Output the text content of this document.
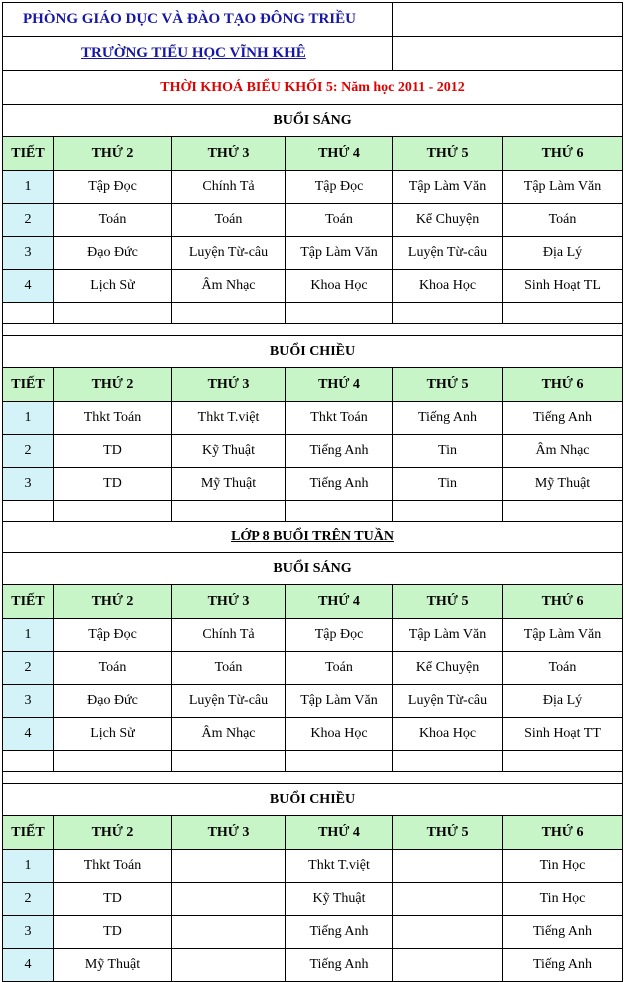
PHÒNG GIÁO DỤC VÀ ĐÀO TẠO ĐÔNG TRIỀU					
TRƯỜNG TIỂU HỌC VĨNH KHÊ					
THỜI KHOÁ BIỂU KHỐI 5: Năm học 2011 - 2012					
BUỔI SÁNG					
TIẾT	THỨ 2	THỨ 3	THỨ 4	THỨ 5	THỨ 6
1	Tập Đọc	Chính Tả	Tập Đọc	Tập Làm Văn	Tập Làm Văn
2	Toán	Toán	Toán	Kể Chuyện	Toán
3	Đạo Đức	Luyện Từ-câu	Tập Làm Văn	Luyện Từ-câu	Địa Lý
4	Lịch Sử	Âm Nhạc	Khoa Học	Khoa Học	Sinh Hoạt TL

BUỔI CHIỀU					
TIẾT	THỨ 2	THỨ 3	THỨ 4	THỨ 5	THỨ 6
1	Thkt Toán	Thkt T.việt	Thkt Toán	Tiếng Anh	Tiếng Anh
2	TD	Kỹ Thuật	Tiếng Anh	Tin	Âm Nhạc
3	TD	Mỹ Thuật	Tiếng Anh	Tin	Mỹ Thuật

LỚP 8 BUỔI TRÊN TUẦN					
BUỔI SÁNG					
TIẾT	THỨ 2	THỨ 3	THỨ 4	THỨ 5	THỨ 6
1	Tập Đọc	Chính Tả	Tập Đọc	Tập Làm Văn	Tập Làm Văn
2	Toán	Toán	Toán	Kể Chuyện	Toán
3	Đạo Đức	Luyện Từ-câu	Tập Làm Văn	Luyện Từ-câu	Địa Lý
4	Lịch Sử	Âm Nhạc	Khoa Học	Khoa Học	Sinh Hoạt TT

BUỔI CHIỀU					
TIẾT	THỨ 2	THỨ 3	THỨ 4	THỨ 5	THỨ 6
1	Thkt Toán		Thkt T.việt		Tin Học
2	TD		Kỹ Thuật		Tin Học
3	TD		Tiếng Anh		Tiếng Anh
4	Mỹ Thuật		Tiếng Anh		Tiếng Anh
